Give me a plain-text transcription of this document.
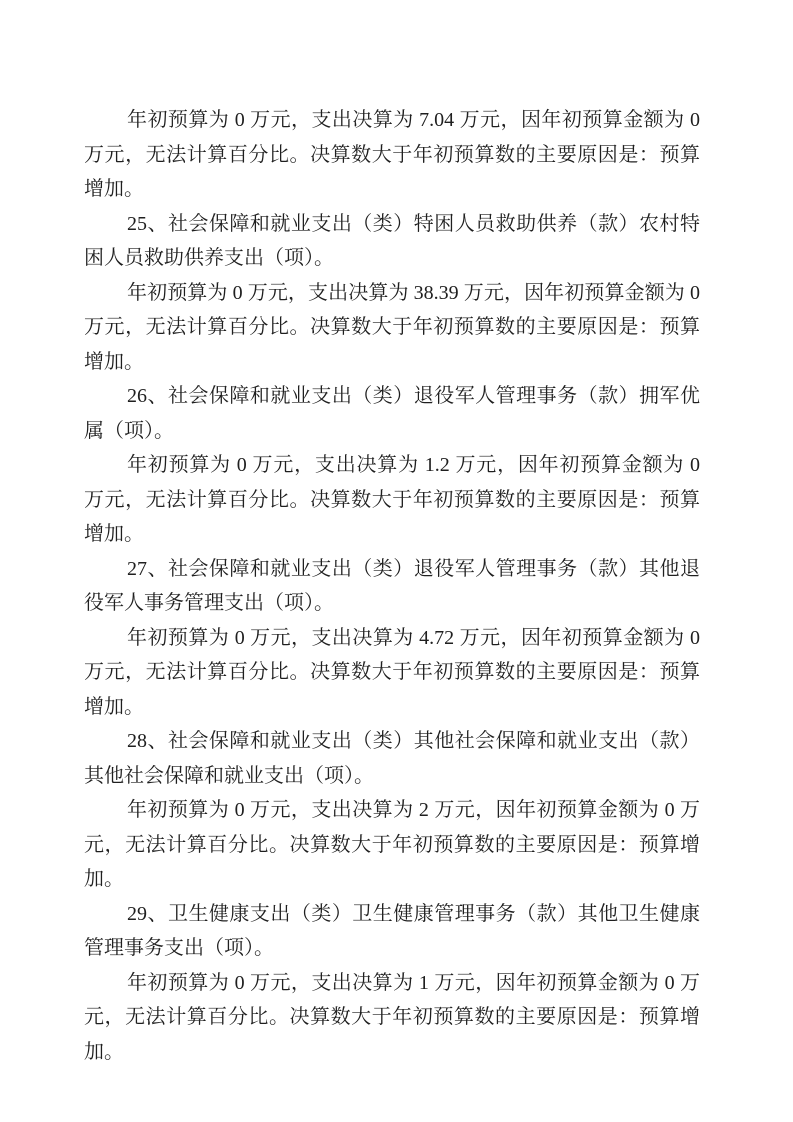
年初预算为 0 万元，支出决算为 7.04 万元，因年初预算金额为 0 万元，无法计算百分比。决算数大于年初预算数的主要原因是：预算增加。

25、社会保障和就业支出（类）特困人员救助供养（款）农村特困人员救助供养支出（项）。

年初预算为 0 万元，支出决算为 38.39 万元，因年初预算金额为 0 万元，无法计算百分比。决算数大于年初预算数的主要原因是：预算增加。

26、社会保障和就业支出（类）退役军人管理事务（款）拥军优属（项）。

年初预算为 0 万元，支出决算为 1.2 万元，因年初预算金额为 0 万元，无法计算百分比。决算数大于年初预算数的主要原因是：预算增加。

27、社会保障和就业支出（类）退役军人管理事务（款）其他退役军人事务管理支出（项）。

年初预算为 0 万元，支出决算为 4.72 万元，因年初预算金额为 0 万元，无法计算百分比。决算数大于年初预算数的主要原因是：预算增加。

28、社会保障和就业支出（类）其他社会保障和就业支出（款）其他社会保障和就业支出（项）。

年初预算为 0 万元，支出决算为 2 万元，因年初预算金额为 0 万元，无法计算百分比。决算数大于年初预算数的主要原因是：预算增加。

29、卫生健康支出（类）卫生健康管理事务（款）其他卫生健康管理事务支出（项）。

年初预算为 0 万元，支出决算为 1 万元，因年初预算金额为 0 万元，无法计算百分比。决算数大于年初预算数的主要原因是：预算增加。
